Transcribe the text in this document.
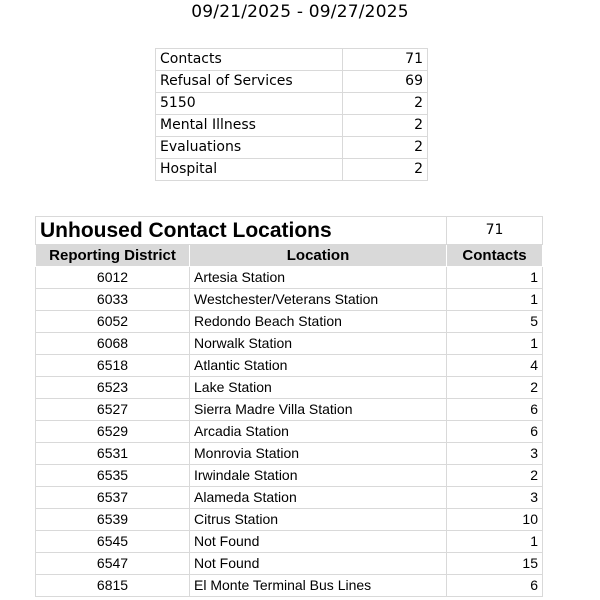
09/21/2025 - 09/27/2025
Contacts	71
Refusal of Services	69
5150	2
Mental Illness	2
Evaluations	2
Hospital	2
Unhoused Contact Locations		71
Reporting District	Location	Contacts
6012	Artesia Station	1
6033	Westchester/Veterans Station	1
6052	Redondo Beach Station	5
6068	Norwalk Station	1
6518	Atlantic Station	4
6523	Lake Station	2
6527	Sierra Madre Villa Station	6
6529	Arcadia Station	6
6531	Monrovia Station	3
6535	Irwindale Station	2
6537	Alameda Station	3
6539	Citrus Station	10
6545	Not Found	1
6547	Not Found	15
6815	El Monte Terminal Bus Lines	6
